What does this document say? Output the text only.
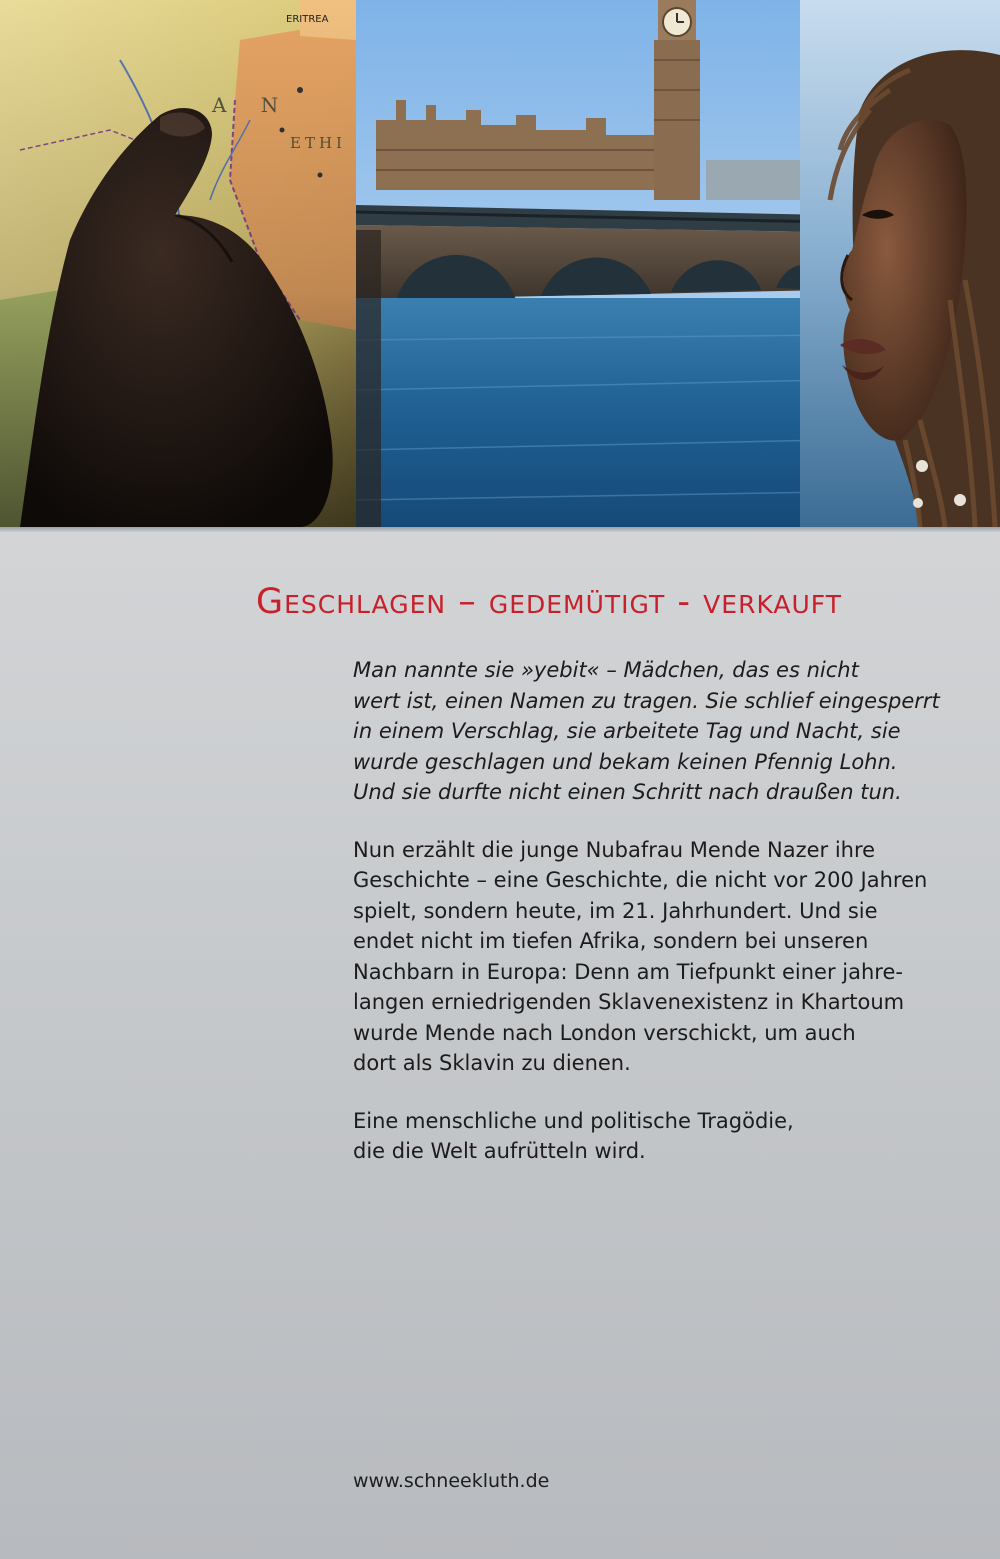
Geschlagen – gedemütigt - verkauft

Man nannte sie »yebit« – Mädchen, das es nicht
wert ist, einen Namen zu tragen. Sie schlief eingesperrt
in einem Verschlag, sie arbeitete Tag und Nacht, sie
wurde geschlagen und bekam keinen Pfennig Lohn.
Und sie durfte nicht einen Schritt nach draußen tun.

Nun erzählt die junge Nubafrau Mende Nazer ihre
Geschichte – eine Geschichte, die nicht vor 200 Jahren
spielt, sondern heute, im 21. Jahrhundert. Und sie
endet nicht im tiefen Afrika, sondern bei unseren
Nachbarn in Europa: Denn am Tiefpunkt einer jahre-
langen erniedrigenden Sklavenexistenz in Khartoum
wurde Mende nach London verschickt, um auch
dort als Sklavin zu dienen.

Eine menschliche und politische Tragödie,
die die Welt aufrütteln wird.

www.schneekluth.de
